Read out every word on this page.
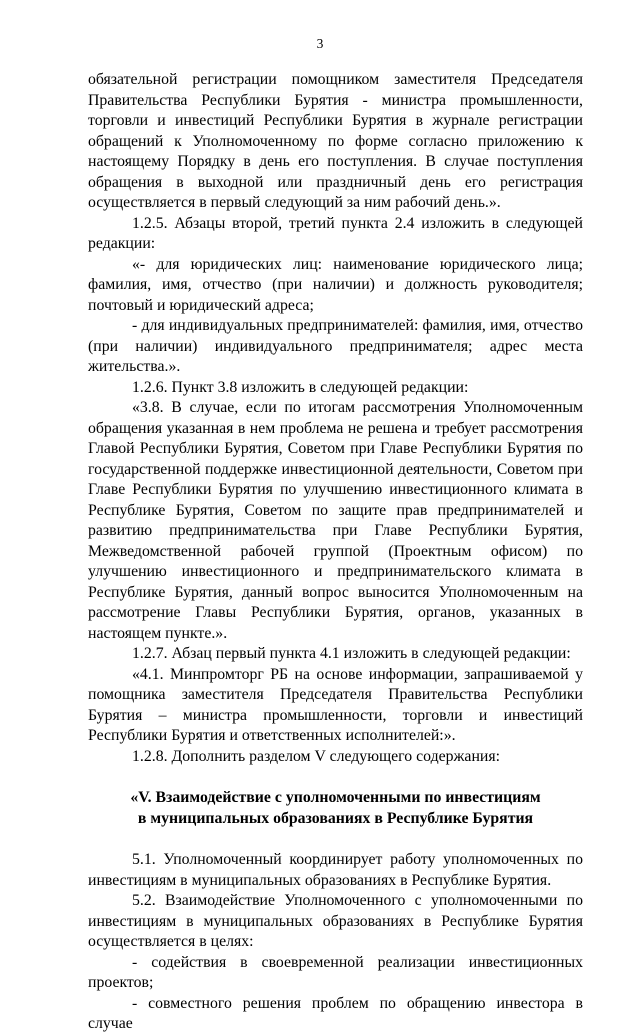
3

обязательной регистрации помощником заместителя Председателя Правительства Республики Бурятия - министра промышленности, торговли и инвестиций Республики Бурятия в журнале регистрации обращений к Уполномоченному по форме согласно приложению к настоящему Порядку в день его поступления. В случае поступления обращения в выходной или праздничный день его регистрация осуществляется в первый следующий за ним рабочий день.».

1.2.5. Абзацы второй, третий пункта 2.4 изложить в следующей редакции:

«- для юридических лиц: наименование юридического лица; фамилия, имя, отчество (при наличии) и должность руководителя; почтовый и юридический адреса;

- для индивидуальных предпринимателей: фамилия, имя, отчество (при наличии) индивидуального предпринимателя; адрес места жительства.».

1.2.6. Пункт 3.8 изложить в следующей редакции:

«3.8. В случае, если по итогам рассмотрения Уполномоченным обращения указанная в нем проблема не решена и требует рассмотрения Главой Республики Бурятия, Советом при Главе Республики Бурятия по государственной поддержке инвестиционной деятельности, Советом при Главе Республики Бурятия по улучшению инвестиционного климата в Республике Бурятия, Советом по защите прав предпринимателей и развитию предпринимательства при Главе Республики Бурятия, Межведомственной рабочей группой (Проектным офисом) по улучшению инвестиционного и предпринимательского климата в Республике Бурятия, данный вопрос выносится Уполномоченным на рассмотрение Главы Республики Бурятия, органов, указанных в настоящем пункте.».

1.2.7. Абзац первый пункта 4.1 изложить в следующей редакции:

«4.1. Минпромторг РБ на основе информации, запрашиваемой у помощника заместителя Председателя Правительства Республики Бурятия – министра промышленности, торговли и инвестиций Республики Бурятия и ответственных исполнителей:».

1.2.8. Дополнить разделом V следующего содержания:

«V. Взаимодействие с уполномоченными по инвестициям
в муниципальных образованиях в Республике Бурятия

5.1. Уполномоченный координирует работу уполномоченных по инвестициям в муниципальных образованиях в Республике Бурятия.

5.2. Взаимодействие Уполномоченного с уполномоченными по инвестициям в муниципальных образованиях в Республике Бурятия осуществляется в целях:

- содействия в своевременной реализации инвестиционных проектов;

- совместного решения проблем по обращению инвестора в случае
